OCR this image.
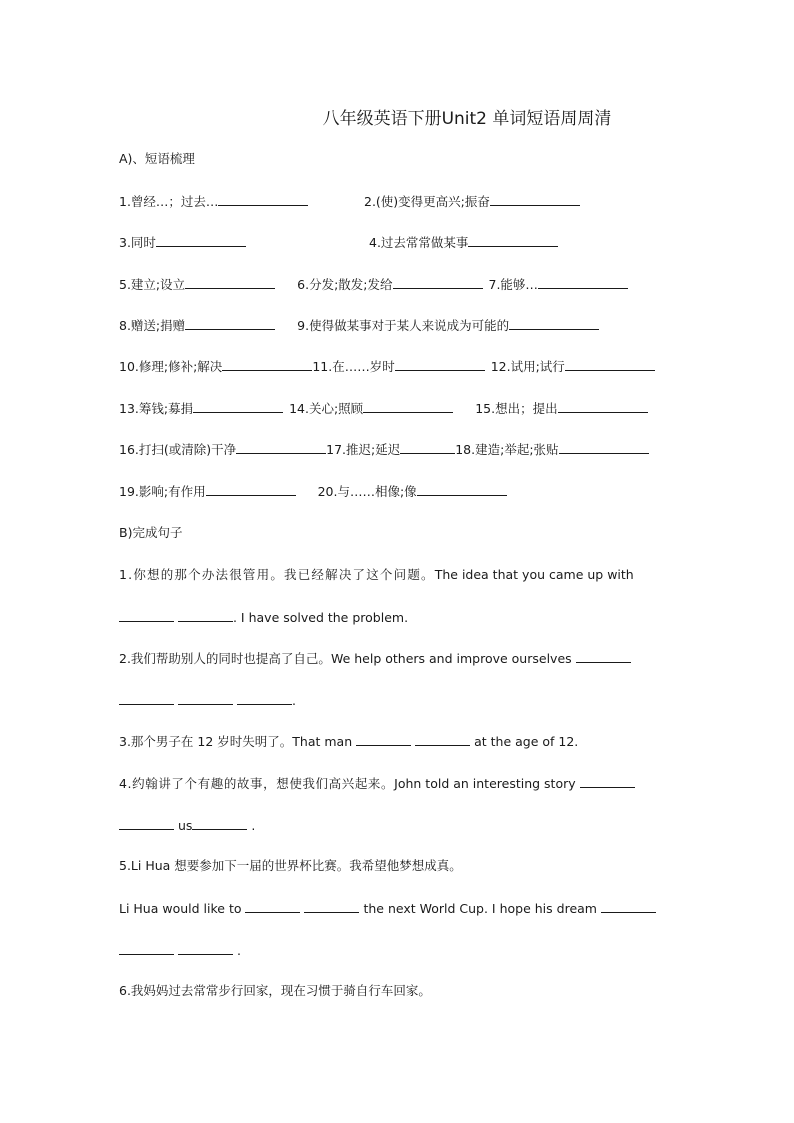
八年级英语下册Unit2 单词短语周周清
A)、短语梳理
1.曾经…；过去…	2.(使)变得更高兴;振奋
3.同时	4.过去常常做某事
5.建立;设立	6.分发;散发;发给	7.能够…
8.赠送;捐赠	9.使得做某事对于某人来说成为可能的
10.修理;修补;解决	11.在……岁时	12.试用;试行
13.筹钱;募捐	14.关心;照顾	15.想出；提出
16.打扫(或清除)干净	17.推迟;延迟	18.建造;举起;张贴
19.影响;有作用	20.与……相像;像
B)完成句子
1.你想的那个办法很管用。我已经解决了这个问题。The idea that you came up with
. I have solved the problem.
2.我们帮助别人的同时也提高了自己。We help others and improve ourselves
.
3.那个男子在 12 岁时失明了。That man	at the age of 12.
4.约翰讲了个有趣的故事，想使我们高兴起来。John told an interesting story
us	.
5.Li Hua 想要参加下一届的世界杯比赛。我希望他梦想成真。
Li Hua would like to	the next World Cup. I hope his dream
.
6.我妈妈过去常常步行回家，现在习惯于骑自行车回家。
